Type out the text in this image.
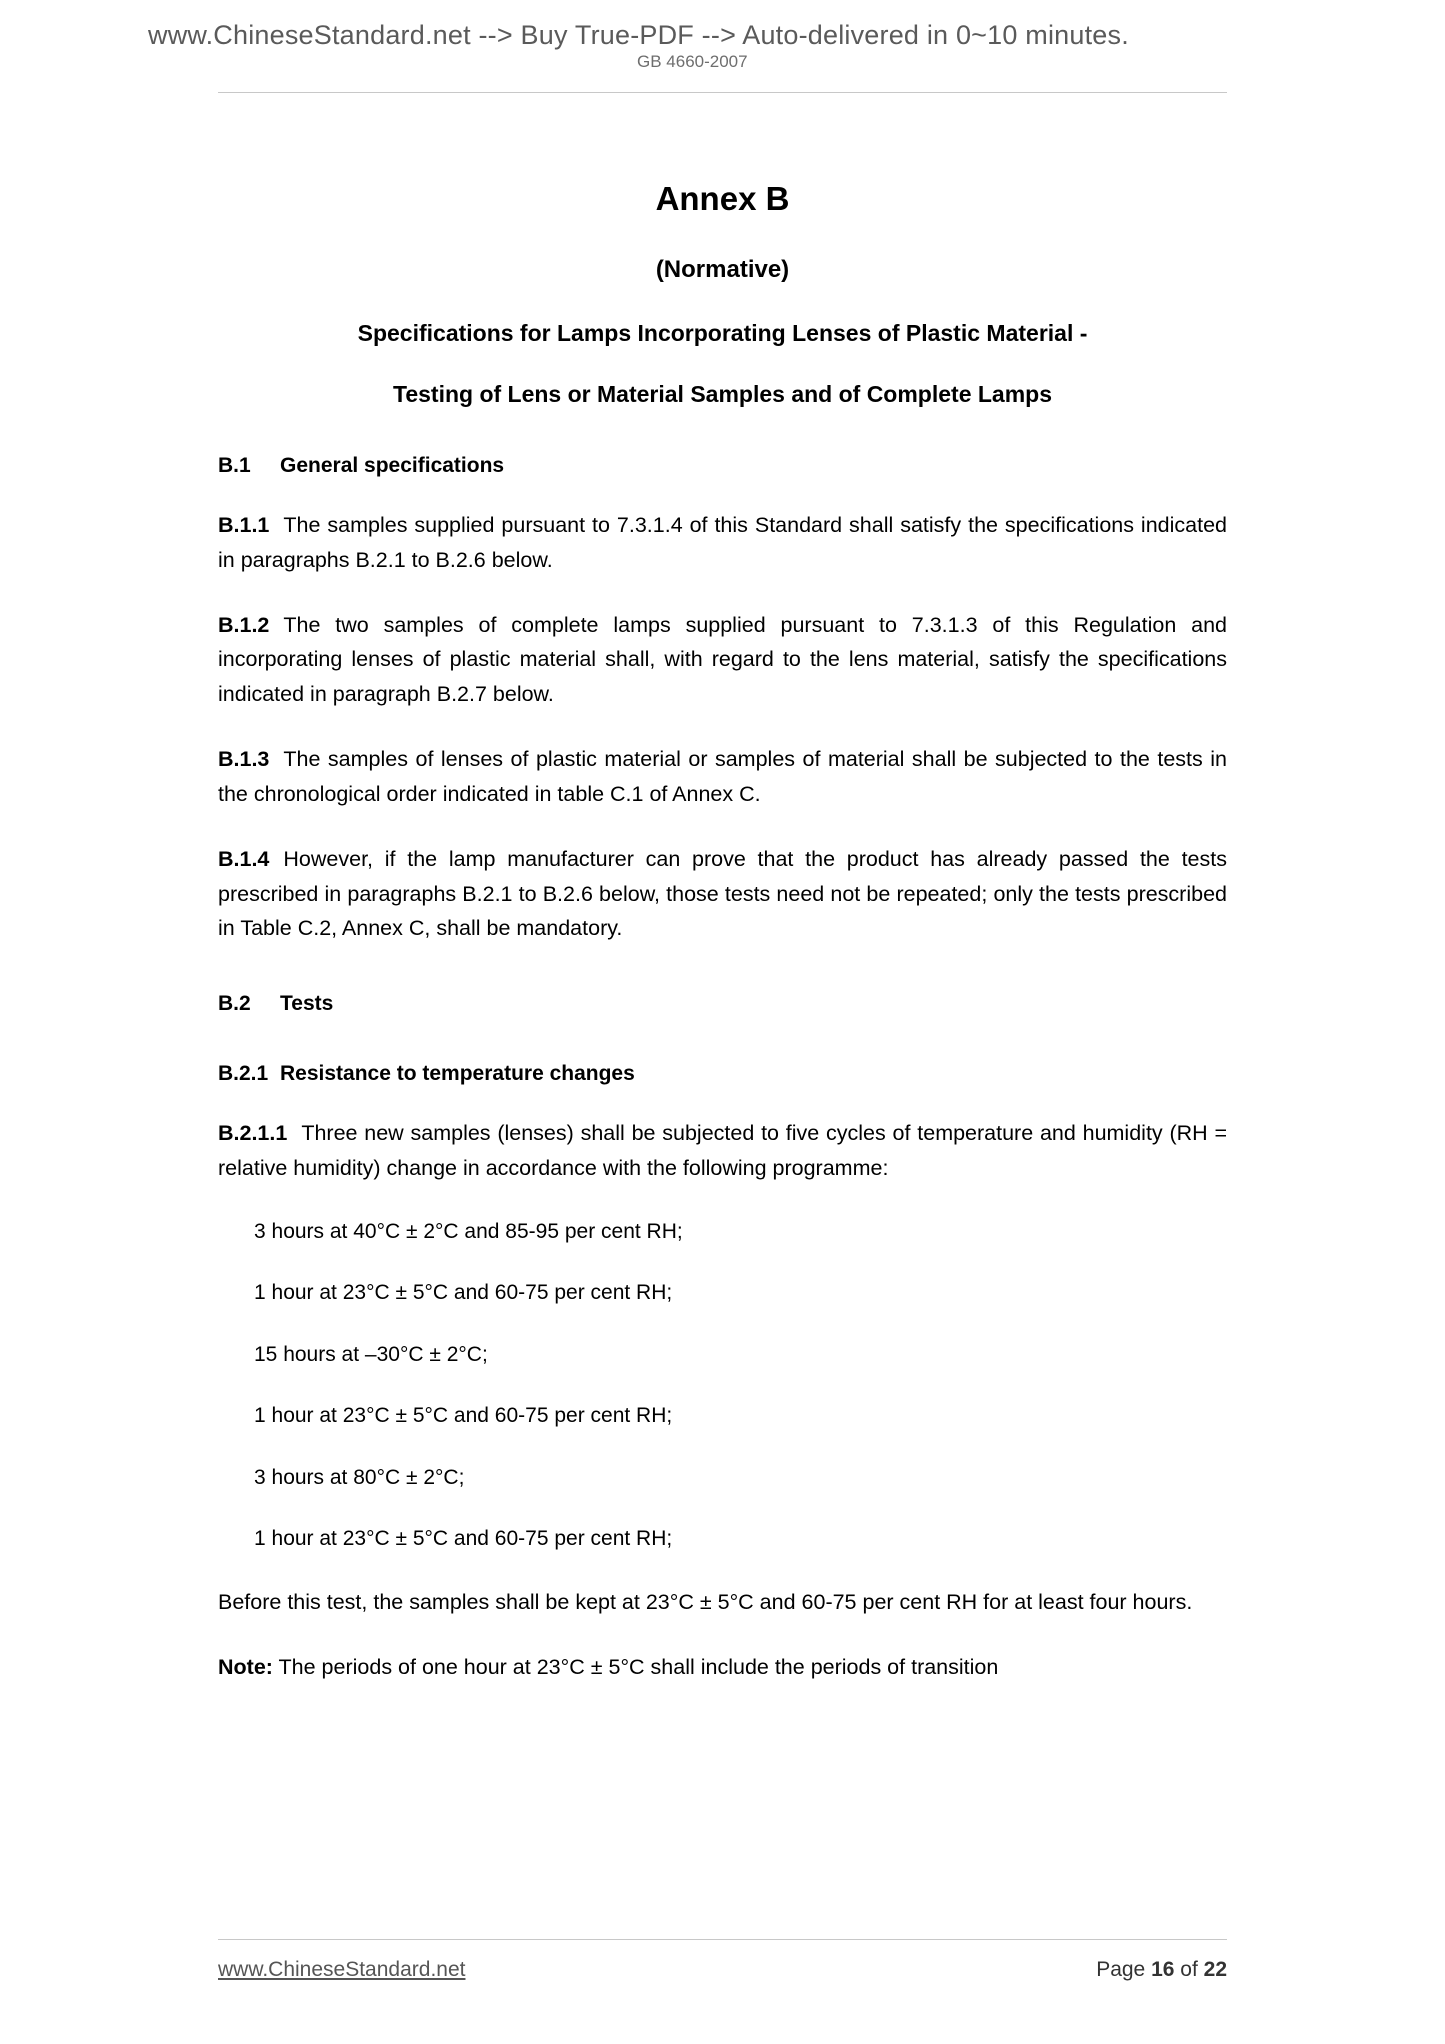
www.ChineseStandard.net --> Buy True-PDF --> Auto-delivered in 0~10 minutes.
GB 4660-2007
Annex B
(Normative)
Specifications for Lamps Incorporating Lenses of Plastic Material -
Testing of Lens or Material Samples and of Complete Lamps
B.1 General specifications

B.1.1 The samples supplied pursuant to 7.3.1.4 of this Standard shall satisfy the specifications indicated in paragraphs B.2.1 to B.2.6 below.

B.1.2 The two samples of complete lamps supplied pursuant to 7.3.1.3 of this Regulation and incorporating lenses of plastic material shall, with regard to the lens material, satisfy the specifications indicated in paragraph B.2.7 below.

B.1.3 The samples of lenses of plastic material or samples of material shall be subjected to the tests in the chronological order indicated in table C.1 of Annex C.

B.1.4 However, if the lamp manufacturer can prove that the product has already passed the tests prescribed in paragraphs B.2.1 to B.2.6 below, those tests need not be repeated; only the tests prescribed in Table C.2, Annex C, shall be mandatory.

B.2 Tests
B.2.1 Resistance to temperature changes

B.2.1.1 Three new samples (lenses) shall be subjected to five cycles of temperature and humidity (RH = relative humidity) change in accordance with the following programme:

3 hours at 40°C ± 2°C and 85-95 per cent RH;
1 hour at 23°C ± 5°C and 60-75 per cent RH;
15 hours at –30°C ± 2°C;
1 hour at 23°C ± 5°C and 60-75 per cent RH;
3 hours at 80°C ± 2°C;
1 hour at 23°C ± 5°C and 60-75 per cent RH;

Before this test, the samples shall be kept at 23°C ± 5°C and 60-75 per cent RH for at least four hours.

Note: The periods of one hour at 23°C ± 5°C shall include the periods of transition

www.ChineseStandard.net	Page 16 of 22
